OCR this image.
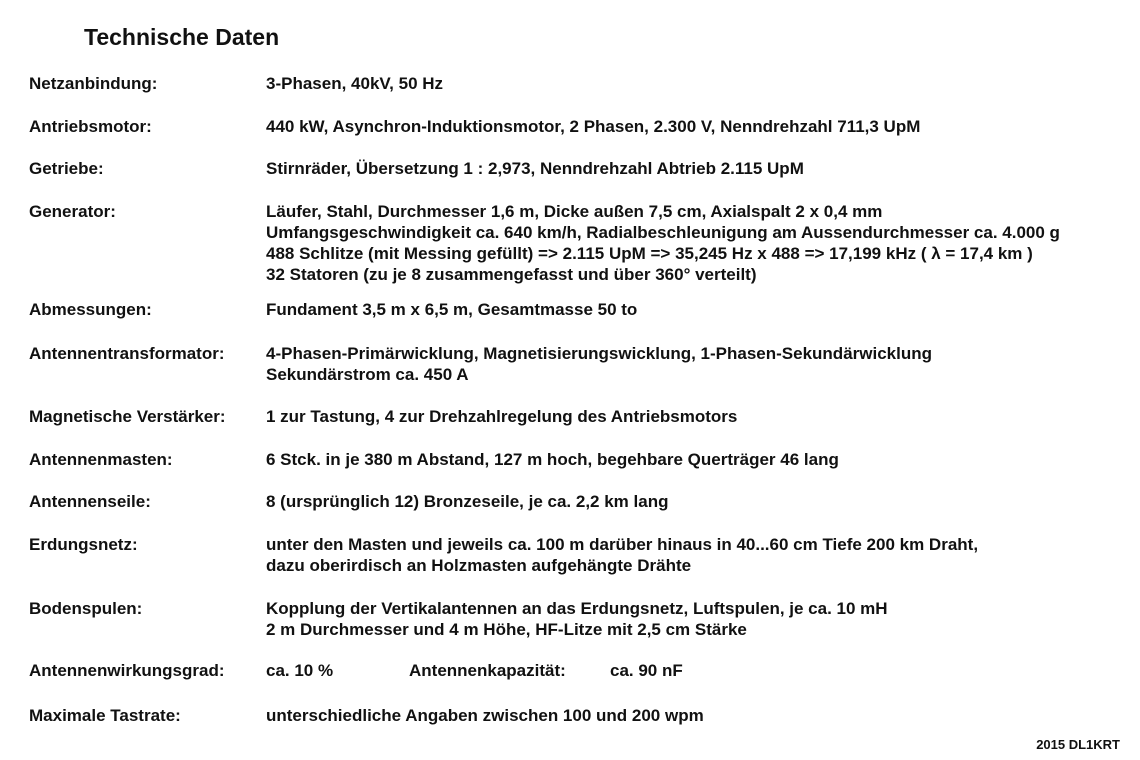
Technische Daten
Netzanbindung:	3-Phasen, 40kV, 50 Hz
Antriebsmotor:	440 kW, Asynchron-Induktionsmotor, 2 Phasen, 2.300 V, Nenndrehzahl 711,3 UpM
Getriebe:	Stirnräder, Übersetzung 1 : 2,973, Nenndrehzahl Abtrieb 2.115 UpM
Generator:	Läufer, Stahl, Durchmesser 1,6 m, Dicke außen 7,5 cm, Axialspalt 2 x 0,4 mm
Umfangsgeschwindigkeit ca. 640 km/h, Radialbeschleunigung am Aussendurchmesser ca. 4.000 g
488 Schlitze (mit Messing gefüllt) => 2.115 UpM => 35,245 Hz x 488 => 17,199 kHz ( λ = 17,4 km )
32 Statoren (zu je 8 zusammengefasst und über 360° verteilt)
Abmessungen:	Fundament 3,5 m x 6,5 m, Gesamtmasse 50 to
Antennentransformator: 4-Phasen-Primärwicklung, Magnetisierungswicklung, 1-Phasen-Sekundärwicklung
Sekundärstrom ca. 450 A
Magnetische Verstärker: 1 zur Tastung, 4 zur Drehzahlregelung des Antriebsmotors
Antennenmasten:	6 Stck. in je 380 m Abstand, 127 m hoch, begehbare Querträger 46 lang
Antennenseile:	8 (ursprünglich 12) Bronzeseile, je ca. 2,2 km lang
Erdungsnetz:	unter den Masten und jeweils ca. 100 m darüber hinaus in 40...60 cm Tiefe 200 km Draht,
dazu oberirdisch an Holzmasten aufgehängte Drähte
Bodenspulen:	Kopplung der Vertikalantennen an das Erdungsnetz, Luftspulen, je ca. 10 mH
2 m Durchmesser und 4 m Höhe, HF-Litze mit 2,5 cm Stärke
Antennenwirkungsgrad: ca. 10 %	Antennenkapazität:	ca. 90 nF
Maximale Tastrate:	unterschiedliche Angaben zwischen 100 und 200 wpm
2015 DL1KRT
